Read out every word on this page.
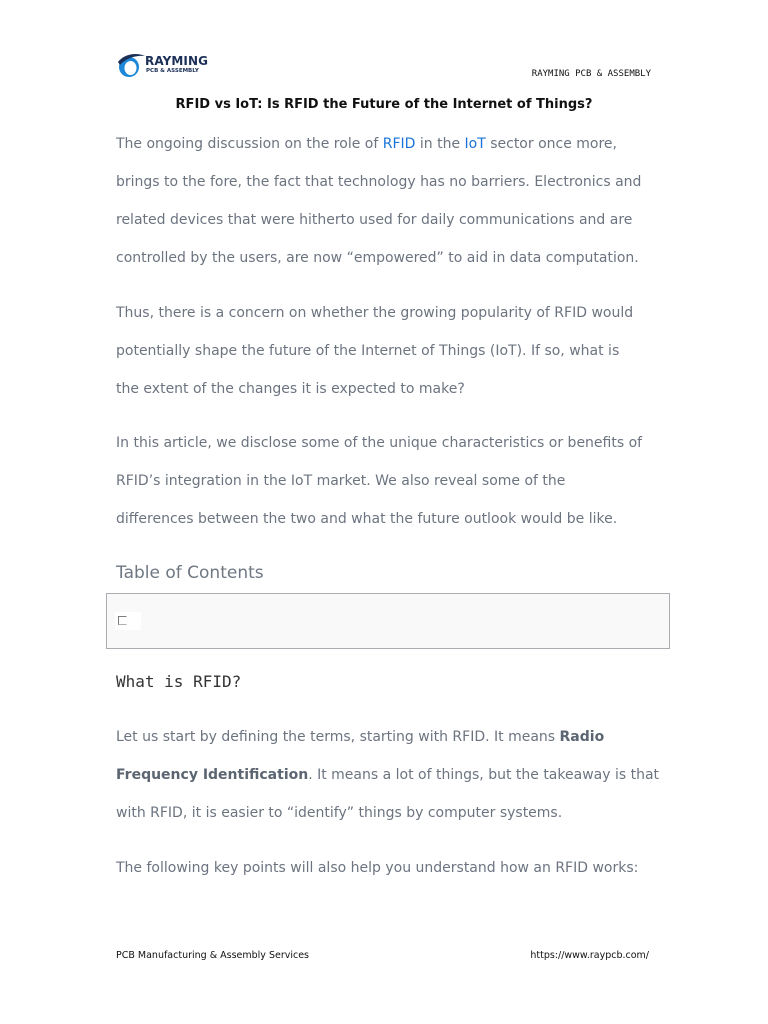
RAYMING
PCB & ASSEMBLY	RAYMING PCB & ASSEMBLY
RFID vs IoT: Is RFID the Future of the Internet of Things?

The ongoing discussion on the role of RFID in the IoT sector once more,
brings to the fore, the fact that technology has no barriers. Electronics and
related devices that were hitherto used for daily communications and are
controlled by the users, are now “empowered” to aid in data computation.

Thus, there is a concern on whether the growing popularity of RFID would
potentially shape the future of the Internet of Things (IoT). If so, what is
the extent of the changes it is expected to make?

In this article, we disclose some of the unique characteristics or benefits of
RFID’s integration in the IoT market. We also reveal some of the
differences between the two and what the future outlook would be like.

Table of Contents
What is RFID?

Let us start by defining the terms, starting with RFID. It means Radio
Frequency Identification. It means a lot of things, but the takeaway is that
with RFID, it is easier to “identify” things by computer systems.

The following key points will also help you understand how an RFID works:

PCB Manufacturing & Assembly Services	https://www.raypcb.com/
